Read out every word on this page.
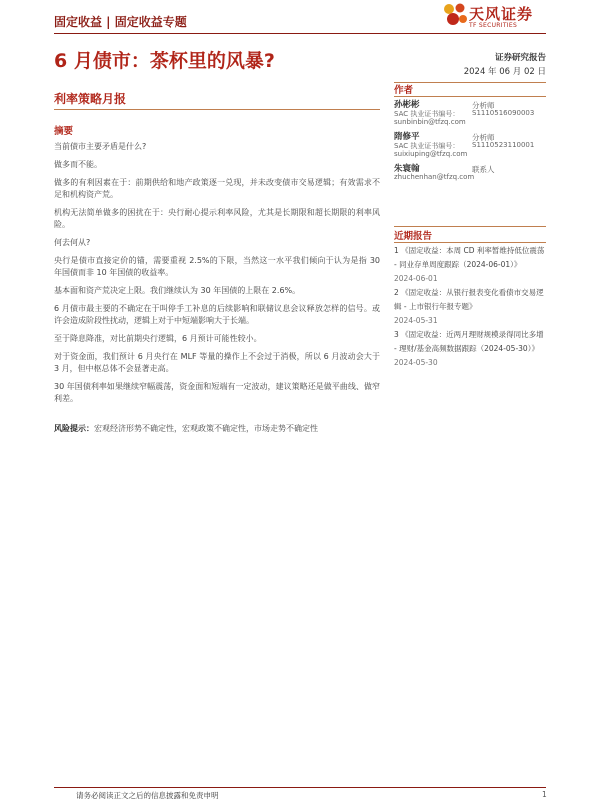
固定收益 | 固定收益专题	天风证券
TF SECURITIES
6 月债市：茶杯里的风暴?	证券研究报告
2024 年 06 月 02 日
利率策略月报
摘要

当前债市主要矛盾是什么?

做多而不能。

做多的有利因素在于：前期供给和地产政策逐一兑现，并未改变债市交易逻辑；有效需求不足和机构资产荒。

机构无法简单做多的困扰在于：央行耐心提示利率风险，尤其是长期限和超长期限的利率风险。

何去何从?

央行是债市直接定价的锚，需要重视 2.5%的下限，当然这一水平我们倾向于认为是指 30 年国债而非 10 年国债的收益率。

基本面和资产荒决定上限。我们继续认为 30 年国债的上限在 2.6%。

6 月债市最主要的不确定在于叫停手工补息的后续影响和联储议息会议释放怎样的信号。或许会造成阶段性扰动，逻辑上对于中短端影响大于长端。

至于降息降准，对比前期央行逻辑，6 月预计可能性较小。

对于资金面，我们预计 6 月央行在 MLF 等量的操作上不会过于消极，所以 6 月波动会大于 3 月，但中枢总体不会显著走高。

30 年国债利率如果继续窄幅震荡，资金面和短端有一定波动，建议策略还是做平曲线、做窄利差。

风险提示：宏观经济形势不确定性，宏观政策不确定性，市场走势不确定性

作者
孙彬彬	分析师
SAC 执业证书编号： S1110516090003
sunbinbin@tfzq.com
隋修平	分析师
SAC 执业证书编号： S1110523110001
suixiuping@tfzq.com
朱寰翰	联系人
zhuchenhan@tfzq.com
近期报告
1 《固定收益：本周 CD 利率暂维持低位震荡 - 同业存单周度跟踪（2024-06-01）》
2024-06-01
2 《固定收益：从银行报表变化看债市交易逻辑 - 上市银行年报专题》
2024-05-31
3 《固定收益：近两月理财规模录得同比多增 - 理财/基金高频数据跟踪（2024-05-30）》
2024-05-30
请务必阅读正文之后的信息披露和免责申明	1
